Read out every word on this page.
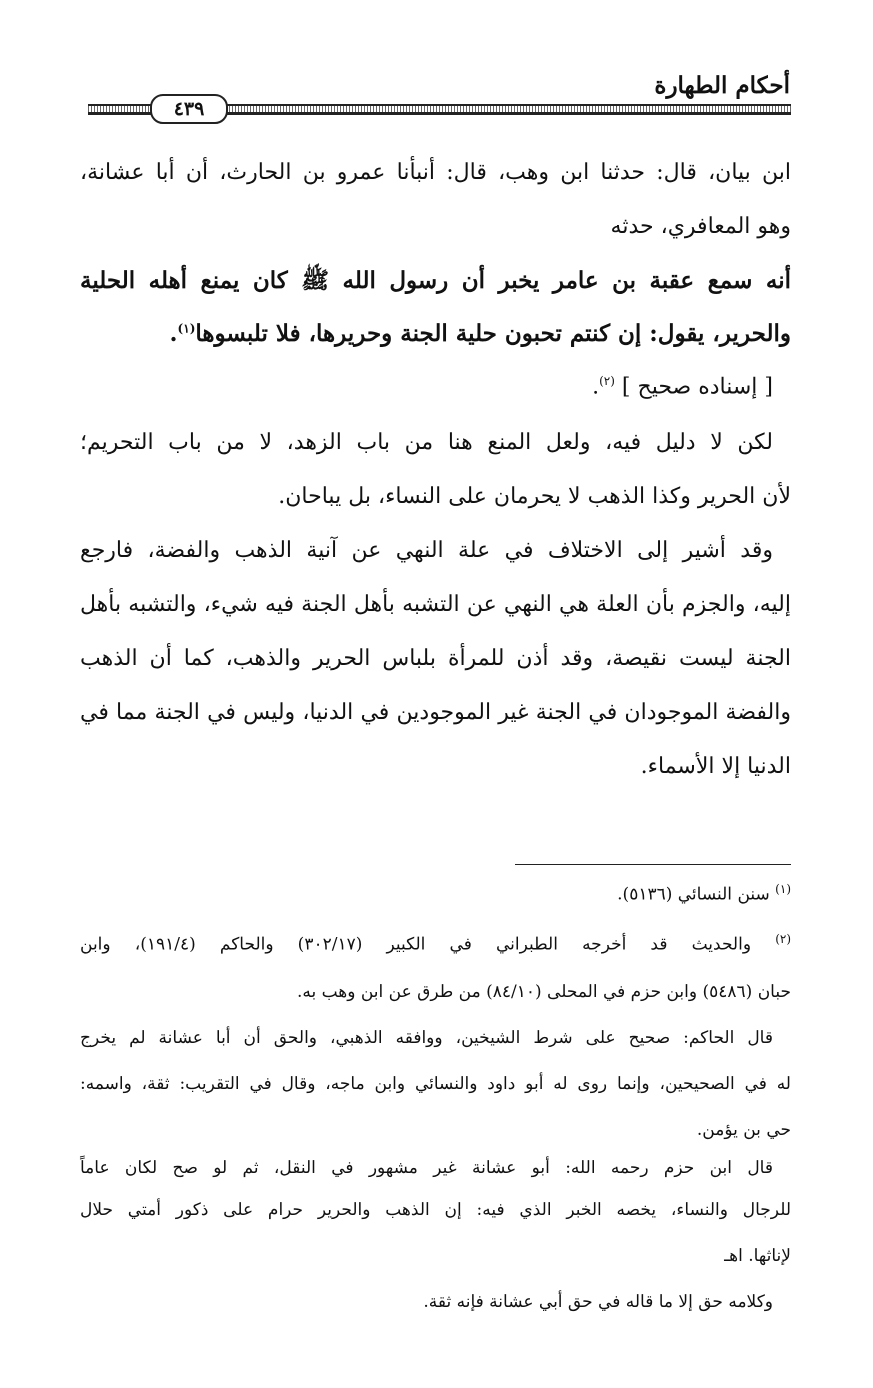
أحكام الطهارة
٤٣٩
ابن بيان، قال: حدثنا ابن وهب، قال: أنبأنا عمرو بن الحارث، أن أبا عشانة،
وهو المعافري، حدثه
أنه سمع عقبة بن عامر يخبر أن رسول الله ﷺ كان يمنع أهله الحلية
والحرير، يقول: إن كنتم تحبون حلية الجنة وحريرها، فلا تلبسوها$^{(١)}$.
[ إسناده صحيح ] $^{(٢)}$.
لكن لا دليل فيه، ولعل المنع هنا من باب الزهد، لا من باب التحريم؛
لأن الحرير وكذا الذهب لا يحرمان على النساء، بل يباحان.
وقد أشير إلى الاختلاف في علة النهي عن آنية الذهب والفضة، فارجع
إليه، والجزم بأن العلة هي النهي عن التشبه بأهل الجنة فيه شيء، والتشبه بأهل
الجنة ليست نقيصة، وقد أذن للمرأة بلباس الحرير والذهب، كما أن الذهب
والفضة الموجودان في الجنة غير الموجودين في الدنيا، وليس في الجنة مما في
الدنيا إلا الأسماء.
$^{(١)}$ سنن النسائي (٥١٣٦).
$^{(٢)}$ والحديث قد أخرجه الطبراني في الكبير (٣٠٢/١٧) والحاكم (١٩١/٤)، وابن
حبان (٥٤٨٦) وابن حزم في المحلى (٨٤/١٠) من طرق عن ابن وهب به.
قال الحاكم: صحيح على شرط الشيخين، ووافقه الذهبي، والحق أن أبا عشانة لم يخرج
له في الصحيحين، وإنما روى له أبو داود والنسائي وابن ماجه، وقال في التقريب: ثقة، واسمه:
حي بن يؤمن.
قال ابن حزم رحمه الله: أبو عشانة غير مشهور في النقل، ثم لو صح لكان عاماً
للرجال والنساء، يخصه الخبر الذي فيه: إن الذهب والحرير حرام على ذكور أمتي حلال
لإناثها. اهـ
وكلامه حق إلا ما قاله في حق أبي عشانة فإنه ثقة.
